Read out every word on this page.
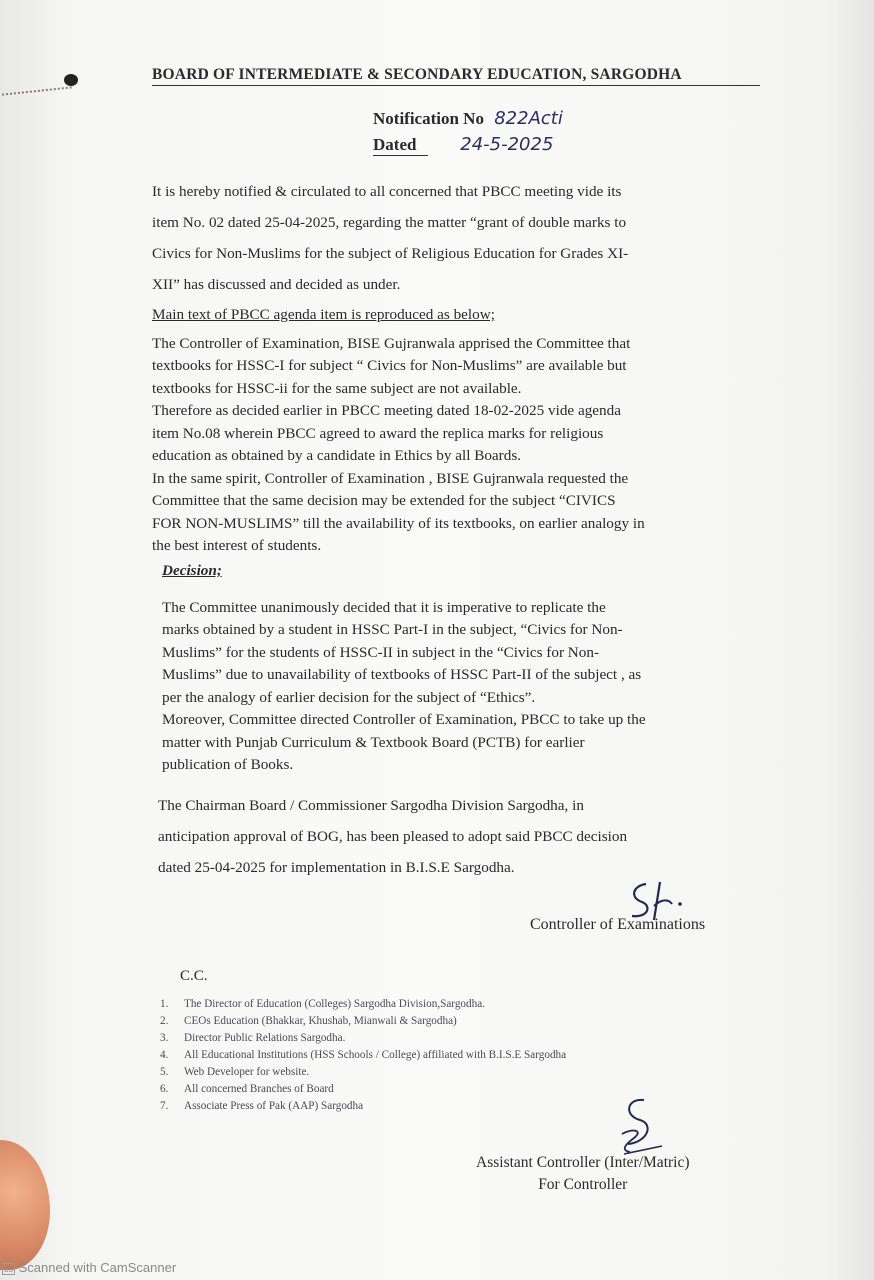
BOARD OF INTERMEDIATE & SECONDARY EDUCATION, SARGODHA
Notification No 822Acti
Dated 24-5-2025

It is hereby notified & circulated to all concerned that PBCC meeting vide its

item No. 02 dated 25-04-2025, regarding the matter “grant of double marks to

Civics for Non-Muslims for the subject of Religious Education for Grades XI-

XII” has discussed and decided as under.

Main text of PBCC agenda item is reproduced as below;

The Controller of Examination, BISE Gujranwala apprised the Committee that

textbooks for HSSC-I for subject “ Civics for Non-Muslims” are available but

textbooks for HSSC-ii for the same subject are not available.

Therefore as decided earlier in PBCC meeting dated 18-02-2025 vide agenda

item No.08 wherein PBCC agreed to award the replica marks for religious

education as obtained by a candidate in Ethics by all Boards.

In the same spirit, Controller of Examination , BISE Gujranwala requested the

Committee that the same decision may be extended for the subject “CIVICS

FOR NON-MUSLIMS” till the availability of its textbooks, on earlier analogy in

the best interest of students.

Decision;

The Committee unanimously decided that it is imperative to replicate the

marks obtained by a student in HSSC Part-I in the subject, “Civics for Non-

Muslims” for the students of HSSC-II in subject in the “Civics for Non-

Muslims” due to unavailability of textbooks of HSSC Part-II of the subject , as

per the analogy of earlier decision for the subject of “Ethics”.

Moreover, Committee directed Controller of Examination, PBCC to take up the

matter with Punjab Curriculum & Textbook Board (PCTB) for earlier

publication of Books.

The Chairman Board / Commissioner Sargodha Division Sargodha, in

anticipation approval of BOG, has been pleased to adopt said PBCC decision

dated 25-04-2025 for implementation in B.I.S.E Sargodha.

Controller of Examinations
C.C.
1. The Director of Education (Colleges) Sargodha Division,Sargodha.
2. CEOs Education (Bhakkar, Khushab, Mianwali & Sargodha)
3. Director Public Relations Sargodha.
4. All Educational Institutions (HSS Schools / College) affiliated with B.I.S.E Sargodha
5. Web Developer for website.
6. All concerned Branches of Board
7. Associate Press of Pak (AAP) Sargodha
Assistant Controller (Inter/Matric)
For Controller
cs Scanned with CamScanner
